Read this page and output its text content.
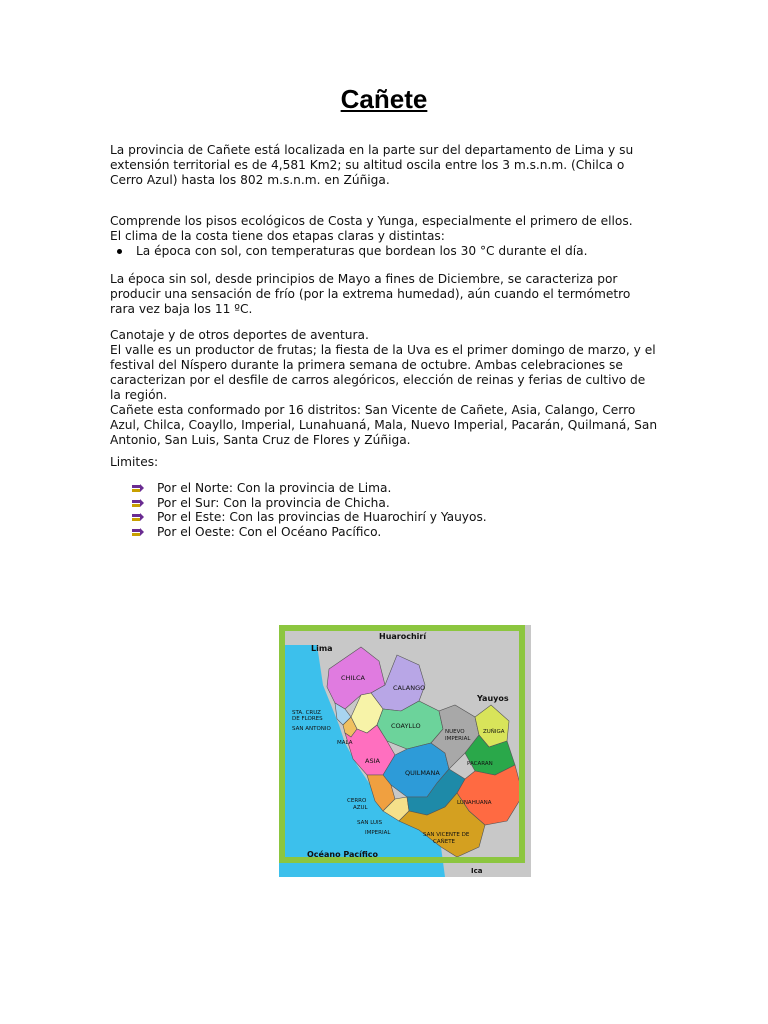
Cañete
La provincia de Cañete está localizada en la parte sur del departamento de Lima y su extensión territorial es de 4,581 Km2; su altitud oscila entre los 3 m.s.n.m. (Chilca o Cerro Azul) hasta los 802 m.s.n.m. en Zúñiga.
Comprende los pisos ecológicos de Costa y Yunga, especialmente el primero de ellos.
El clima de la costa tiene dos etapas claras y distintas:
La época con sol, con temperaturas que bordean los 30 °C durante el día.
La época sin sol, desde principios de Mayo a fines de Diciembre, se caracteriza por producir una sensación de frío (por la extrema humedad), aún cuando el termómetro rara vez baja los 11 ºC.
Canotaje y de otros deportes de aventura.
El valle es un productor de frutas; la fiesta de la Uva es el primer domingo de marzo, y el festival del Níspero durante la primera semana de octubre. Ambas celebraciones se caracterizan por el desfile de carros alegóricos, elección de reinas y ferias de cultivo de la región.
Cañete esta conformado por 16 distritos: San Vicente de Cañete, Asia, Calango, Cerro Azul, Chilca, Coayllo, Imperial, Lunahuaná, Mala, Nuevo Imperial, Pacarán, Quilmaná, San Antonio, San Luis, Santa Cruz de Flores y Zúñiga.
Limites:
Por el Norte: Con la provincia de Lima.
Por el Sur: Con la provincia de Chicha.
Por el Este: Con las provincias de Huarochirí y Yauyos.
Por el Oeste: Con el Océano Pacífico.
Lima
Huarochirí
Yauyos
Ica
Océano Pacífico
CHILCA
CALANGO
STA. CRUZ
DE FLORES
SAN ANTONIO
MALA
COAYLLO
NUEVO
IMPERIAL
ASIA
QUILMANA
ZUÑIGA
PACARAN
CERRO
AZUL
SAN LUIS
IMPERIAL
LUNAHUANA
SAN VICENTE DE
CAÑETE
